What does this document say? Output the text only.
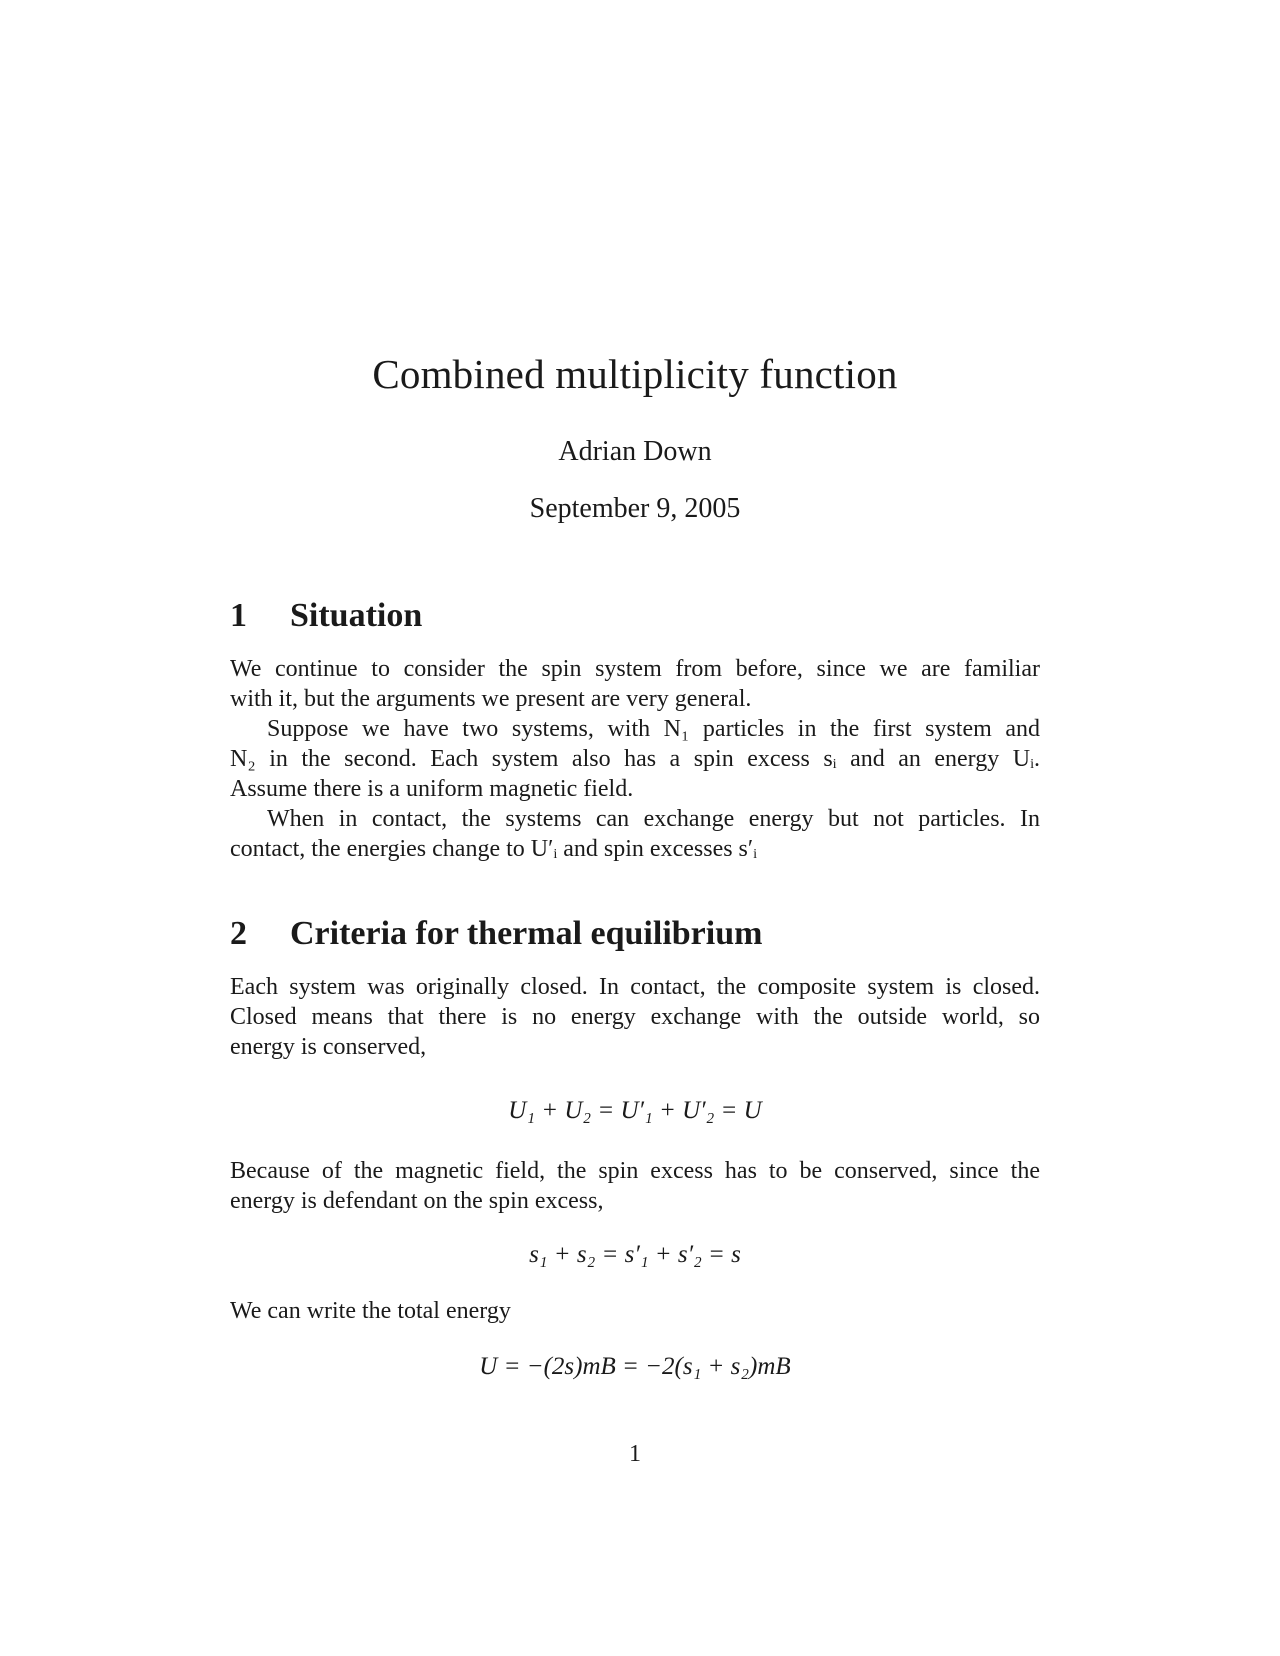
Combined multiplicity function
Adrian Down
September 9, 2005
1 Situation
We continue to consider the spin system from before, since we are familiar
with it, but the arguments we present are very general.
Suppose we have two systems, with N₁ particles in the first system and
N₂ in the second. Each system also has a spin excess sᵢ and an energy Uᵢ.
Assume there is a uniform magnetic field.
When in contact, the systems can exchange energy but not particles. In
contact, the energies change to U′ᵢ and spin excesses s′ᵢ
2 Criteria for thermal equilibrium
Each system was originally closed. In contact, the composite system is closed.
Closed means that there is no energy exchange with the outside world, so
energy is conserved,
U₁ + U₂ = U′₁ + U′₂ = U
Because of the magnetic field, the spin excess has to be conserved, since the
energy is defendant on the spin excess,
s₁ + s₂ = s′₁ + s′₂ = s
We can write the total energy
U = −(2s)mB = −2(s₁ + s₂)mB
1
